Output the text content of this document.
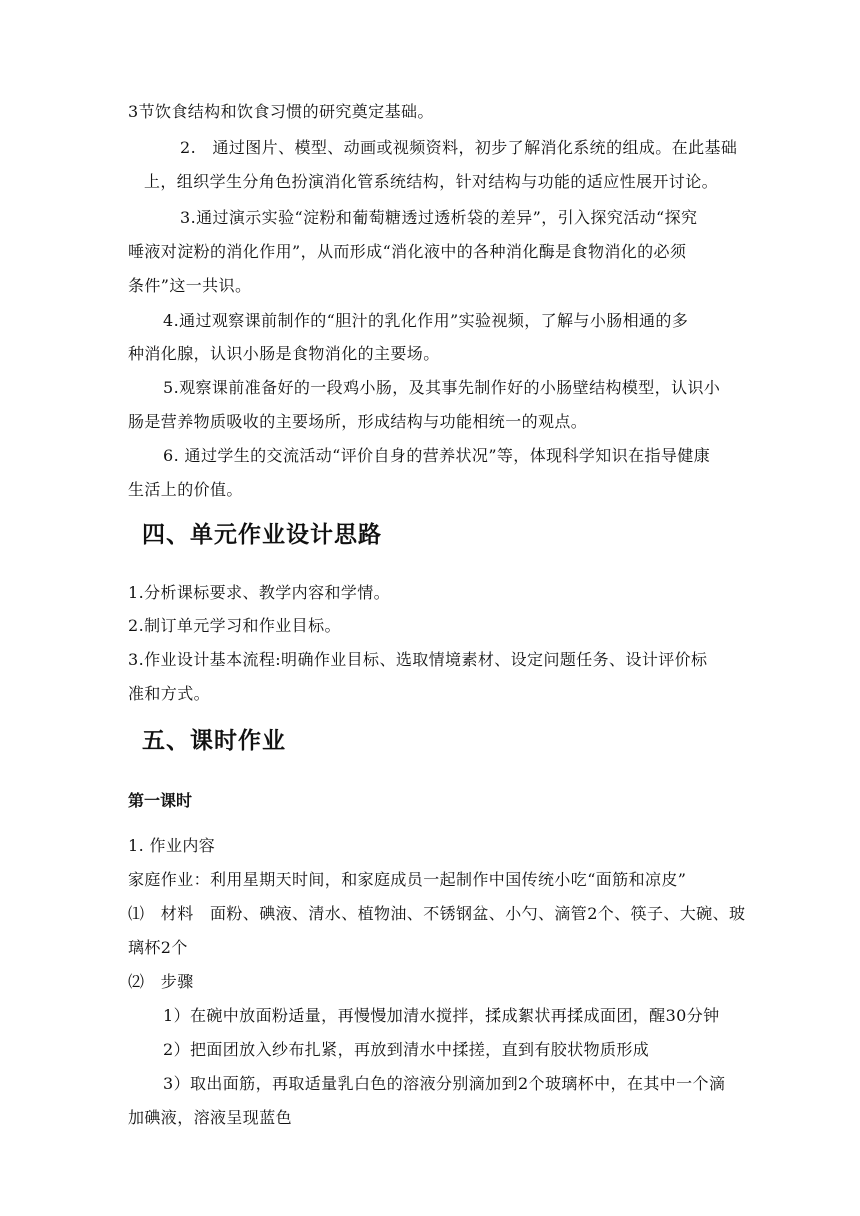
3节饮食结构和饮食习惯的研究奠定基础。
2.　通过图片、模型、动画或视频资料，初步了解消化系统的组成。在此基础
上，组织学生分角色扮演消化管系统结构，针对结构与功能的适应性展开讨论。
3.通过演示实验“淀粉和葡萄糖透过透析袋的差异”，引入探究活动“探究
唾液对淀粉的消化作用”，从而形成“消化液中的各种消化酶是食物消化的必须
条件”这一共识。
4.通过观察课前制作的“胆汁的乳化作用”实验视频，了解与小肠相通的多
种消化腺，认识小肠是食物消化的主要场。
5.观察课前准备好的一段鸡小肠，及其事先制作好的小肠壁结构模型，认识小
肠是营养物质吸收的主要场所，形成结构与功能相统一的观点。
6. 通过学生的交流活动“评价自身的营养状况”等，体现科学知识在指导健康
生活上的价值。
四、单元作业设计思路
1.分析课标要求、教学内容和学情。
2.制订单元学习和作业目标。
3.作业设计基本流程:明确作业目标、选取情境素材、设定问题任务、设计评价标
准和方式。
五、课时作业
第一课时
1. 作业内容
家庭作业：利用星期天时间，和家庭成员一起制作中国传统小吃“面筋和凉皮”
⑴　材料　面粉、碘液、清水、植物油、不锈钢盆、小勺、滴管2个、筷子、大碗、玻
璃杯2个
⑵　步骤
1）在碗中放面粉适量，再慢慢加清水搅拌，揉成絮状再揉成面团，醒30分钟
2）把面团放入纱布扎紧，再放到清水中揉搓，直到有胶状物质形成
3）取出面筋，再取适量乳白色的溶液分别滴加到2个玻璃杯中，在其中一个滴
加碘液，溶液呈现蓝色
